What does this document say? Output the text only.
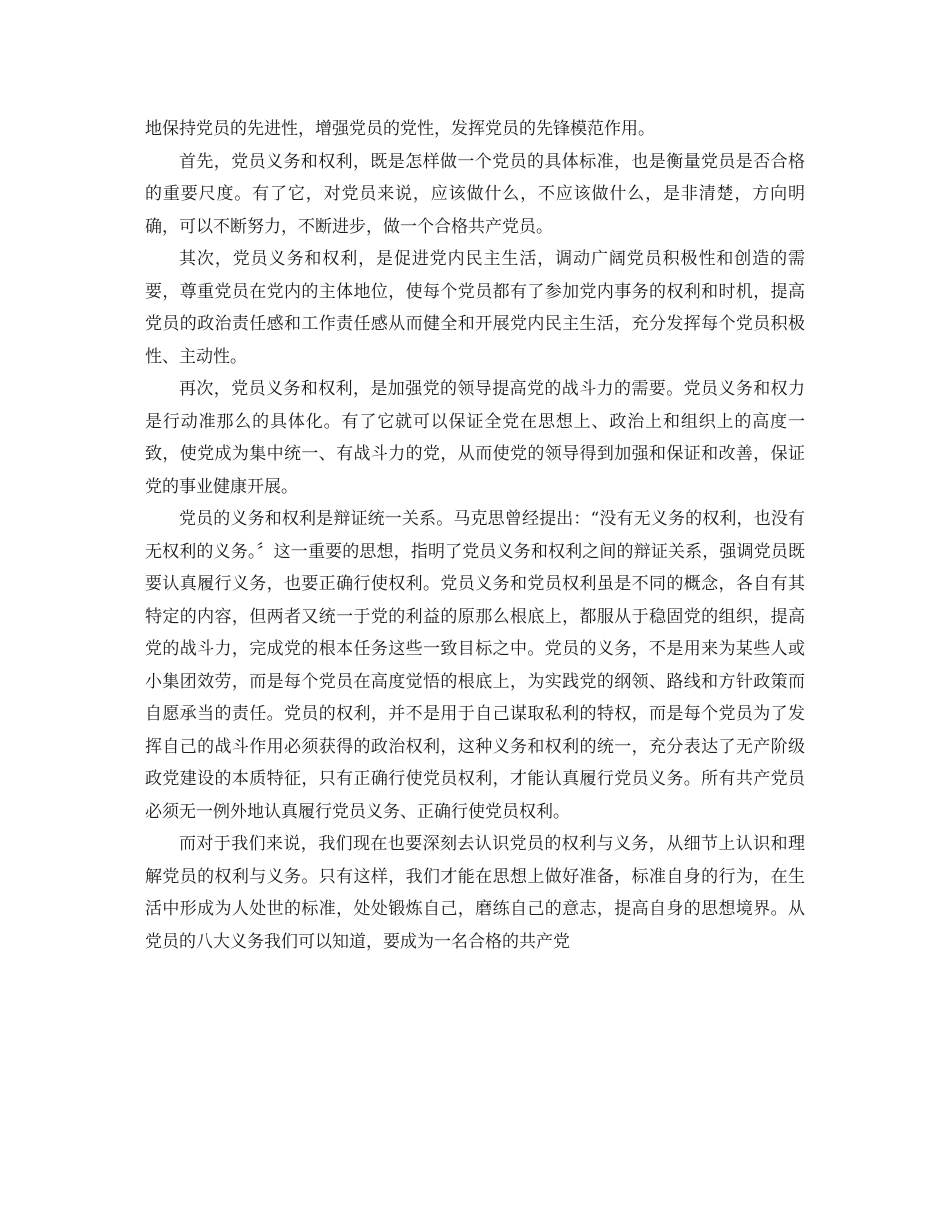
地保持党员的先进性，增强党员的党性，发挥党员的先锋模范作用。

首先，党员义务和权利，既是怎样做一个党员的具体标准，也是衡量党员是否合格的重要尺度。有了它，对党员来说，应该做什么，不应该做什么，是非清楚，方向明确，可以不断努力，不断进步，做一个合格共产党员。

其次，党员义务和权利，是促进党内民主生活，调动广阔党员积极性和创造的需要，尊重党员在党内的主体地位，使每个党员都有了参加党内事务的权利和时机，提高党员的政治责任感和工作责任感从而健全和开展党内民主生活，充分发挥每个党员积极性、主动性。

再次，党员义务和权利，是加强党的领导提高党的战斗力的需要。党员义务和权力是行动准那么的具体化。有了它就可以保证全党在思想上、政治上和组织上的高度一致，使党成为集中统一、有战斗力的党，从而使党的领导得到加强和保证和改善，保证党的事业健康开展。

党员的义务和权利是辩证统一关系。马克思曾经提出：“没有无义务的权利，也没有无权利的义务。〞这一重要的思想，指明了党员义务和权利之间的辩证关系，强调党员既要认真履行义务，也要正确行使权利。党员义务和党员权利虽是不同的概念，各自有其特定的内容，但两者又统一于党的利益的原那么根底上，都服从于稳固党的组织，提高党的战斗力，完成党的根本任务这些一致目标之中。党员的义务，不是用来为某些人或小集团效劳，而是每个党员在高度觉悟的根底上，为实践党的纲领、路线和方针政策而自愿承当的责任。党员的权利，并不是用于自己谋取私利的特权，而是每个党员为了发挥自己的战斗作用必须获得的政治权利，这种义务和权利的统一，充分表达了无产阶级政党建设的本质特征，只有正确行使党员权利，才能认真履行党员义务。所有共产党员必须无一例外地认真履行党员义务、正确行使党员权利。

而对于我们来说，我们现在也要深刻去认识党员的权利与义务，从细节上认识和理解党员的权利与义务。只有这样，我们才能在思想上做好准备，标准自身的行为，在生活中形成为人处世的标准，处处锻炼自己，磨练自己的意志，提高自身的思想境界。从党员的八大义务我们可以知道，要成为一名合格的共产党
